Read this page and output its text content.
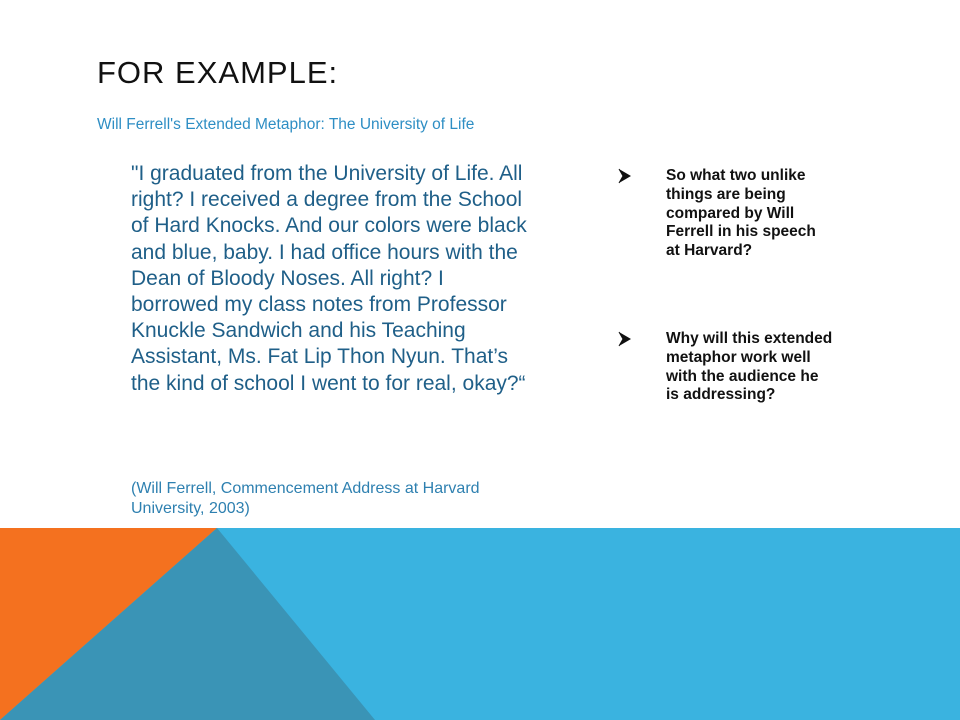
FOR EXAMPLE:

Will Ferrell's Extended Metaphor: The University of Life

"I graduated from the University of Life. All right? I received a degree from the School of Hard Knocks. And our colors were black and blue, baby. I had office hours with the Dean of Bloody Noses. All right? I borrowed my class notes from Professor Knuckle Sandwich and his Teaching Assistant, Ms. Fat Lip Thon Nyun. That’s the kind of school I went to for real, okay?“

(Will Ferrell, Commencement Address at Harvard University, 2003)

So what two unlike things are being compared by Will Ferrell in his speech at Harvard?
Why will this extended metaphor work well with the audience he is addressing?
